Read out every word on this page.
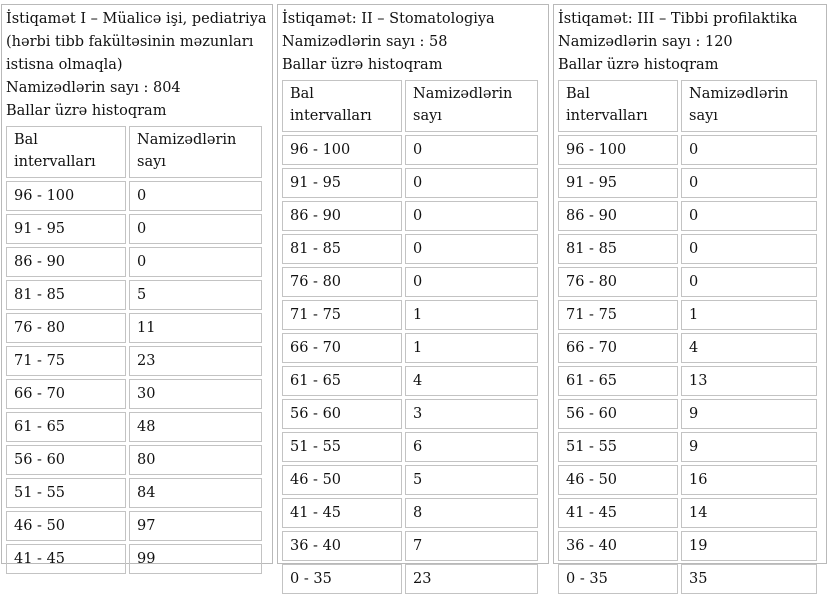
İstiqamət I – Müalicə işi, pediatriya
(hərbi tibb fakültəsinin məzunları
istisna olmaqla)
Namizədlərin sayı : 804
Ballar üzrə histoqram
Bal intervalları	Namizədlərin sayı
96 - 100	0
91 - 95	0
86 - 90	0
81 - 85	5
76 - 80	11
71 - 75	23
66 - 70	30
61 - 65	48
56 - 60	80
51 - 55	84
46 - 50	97
41 - 45	99
İstiqamət: II – Stomatologiya
Namizədlərin sayı : 58
Ballar üzrə histoqram
Bal intervalları	Namizədlərin sayı
96 - 100	0
91 - 95	0
86 - 90	0
81 - 85	0
76 - 80	0
71 - 75	1
66 - 70	1
61 - 65	4
56 - 60	3
51 - 55	6
46 - 50	5
41 - 45	8
36 - 40	7
0 - 35	23
İstiqamət: III – Tibbi profilaktika
Namizədlərin sayı : 120
Ballar üzrə histoqram
Bal intervalları	Namizədlərin sayı
96 - 100	0
91 - 95	0
86 - 90	0
81 - 85	0
76 - 80	0
71 - 75	1
66 - 70	4
61 - 65	13
56 - 60	9
51 - 55	9
46 - 50	16
41 - 45	14
36 - 40	19
0 - 35	35
